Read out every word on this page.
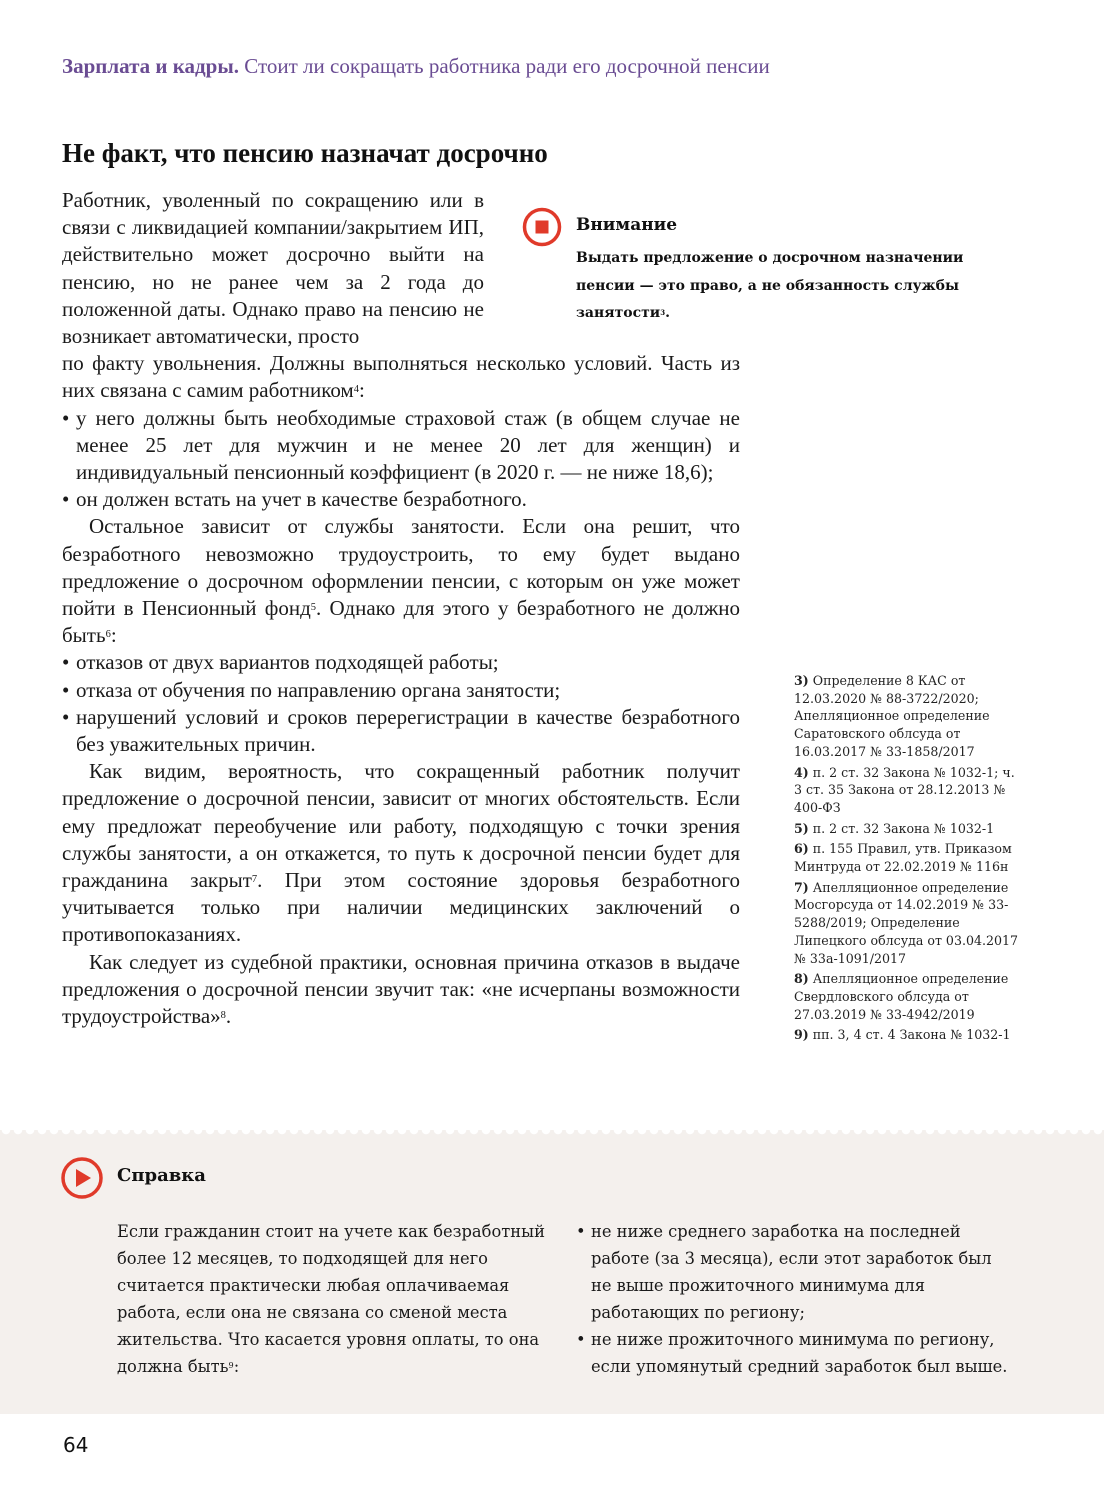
Зарплата и кадры. Стоит ли сокращать работника ради его досрочной пенсии
Не факт, что пенсию назначат досрочно

Работник, уволенный по сокращению или в связи с ликвидацией компании/закрытием ИП, действительно может досрочно выйти на пенсию, но не ранее чем за 2 года до положенной даты. Однако право на пенсию не возникает автоматически, просто

по факту увольнения. Должны выполняться несколько условий. Часть из них связана с самим работником$^4$:

• у него должны быть необходимые страховой стаж (в общем случае не менее 25 лет для мужчин и не менее 20 лет для женщин) и индивидуальный пенсионный коэффициент (в 2020 г. — не ниже 18,6);
• он должен встать на учет в качестве безработного.

Остальное зависит от службы занятости. Если она решит, что безработного невозможно трудоустроить, то ему будет выдано предложение о досрочном оформлении пенсии, с которым он уже может пойти в Пенсионный фонд$^5$. Однако для этого у безработного не должно быть$^6$:

• отказов от двух вариантов подходящей работы;
• отказа от обучения по направлению органа занятости;
• нарушений условий и сроков перерегистрации в качестве безработного без уважительных причин.

Как видим, вероятность, что сокращенный работник получит предложение о досрочной пенсии, зависит от многих обстоятельств. Если ему предложат переобучение или работу, подходящую с точки зрения службы занятости, а он откажется, то путь к досрочной пенсии будет для гражданина закрыт$^7$. При этом состояние здоровья безработного учитывается только при наличии медицинских заключений о противопоказаниях.

Как следует из судебной практики, основная причина отказов в выдаче предложения о досрочной пенсии звучит так: «не исчерпаны возможности трудоустройства»$^8$.

Внимание
Выдать предложение о досрочном назначении пенсии — это право, а не обязанность службы занятости$^3$.
3) Определение 8 КАС от 12.03.2020 № 88-3722/2020; Апелляционное определение Саратовского облсуда от 16.03.2017 № 33-1858/2017
4) п. 2 ст. 32 Закона № 1032-1; ч. 3 ст. 35 Закона от 28.12.2013 № 400-ФЗ
5) п. 2 ст. 32 Закона № 1032-1
6) п. 155 Правил, утв. Приказом Минтруда от 22.02.2019 № 116н
7) Апелляционное определение Мосгорсуда от 14.02.2019 № 33-5288/2019; Определение Липецкого облсуда от 03.04.2017 № 33а-1091/2017
8) Апелляционное определение Свердловского облсуда от 27.03.2019 № 33-4942/2019
9) пп. 3, 4 ст. 4 Закона № 1032-1
Справка
Если гражданин стоит на учете как безработный более 12 месяцев, то подходящей для него считается практически любая оплачиваемая работа, если она не связана со сменой места жительства. Что касается уровня оплаты, то она должна быть$^9$:
• не ниже среднего заработка на последней работе (за 3 месяца), если этот заработок был не выше прожиточного минимума для работающих по региону;
• не ниже прожиточного минимума по региону, если упомянутый средний заработок был выше.
64
